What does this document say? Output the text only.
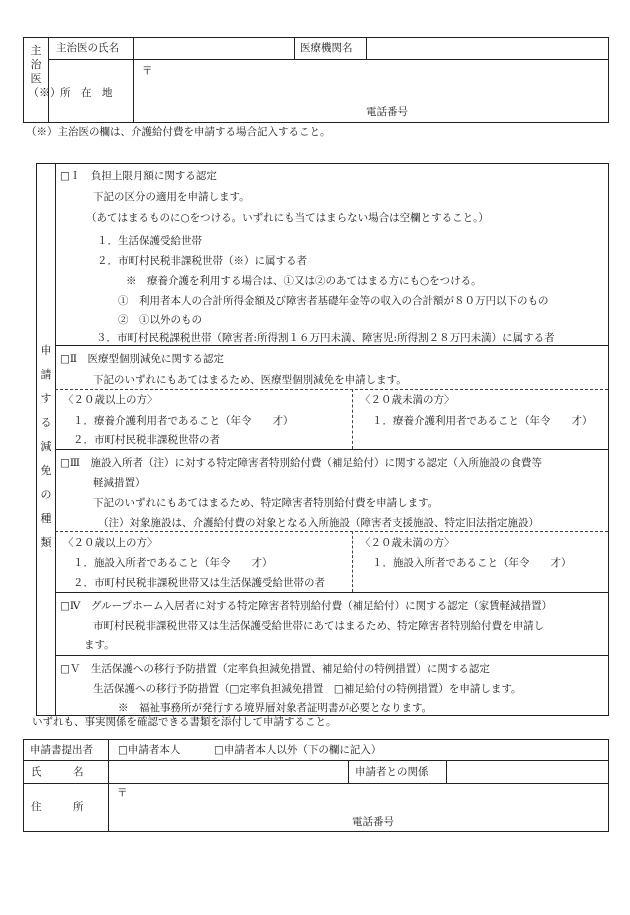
主治医（※）
主治医の氏名	医療機関名
所　在　地
〒
電話番号
（※）主治医の欄は、介護給付費を申請する場合記入すること。
申請する減免の種類
□Ｉ　負担上限月額に関する認定
下記の区分の適用を申請します。
（あてはまるものに○をつける。いずれにも当てはまらない場合は空欄とすること。）
１．生活保護受給世帯
２．市町村民税非課税世帯（※）に属する者
※　療養介護を利用する場合は、①又は②のあてはまる方にも○をつける。
①　利用者本人の合計所得金額及び障害者基礎年金等の収入の合計額が８０万円以下のもの
②　①以外のもの
３．市町村民税課税世帯（障害者:所得割１６万円未満、障害児:所得割２８万円未満）に属する者
□Ⅱ　医療型個別減免に関する認定
下記のいずれにもあてはまるため、医療型個別減免を申請します。
〈２０歳以上の方〉
１．療養介護利用者であること（年令　　才）
２．市町村民税非課税世帯の者
〈２０歳未満の方〉
１．療養介護利用者であること（年令　　才）
□Ⅲ　施設入所者（注）に対する特定障害者特別給付費（補足給付）に関する認定（入所施設の食費等
軽減措置）
下記のいずれにもあてはまるため、特定障害者特別給付費を申請します。
（注）対象施設は、介護給付費の対象となる入所施設（障害者支援施設、特定旧法指定施設）
〈２０歳以上の方〉
１．施設入所者であること（年令　　才）
２．市町村民税非課税世帯又は生活保護受給世帯の者
〈２０歳未満の方〉
１．施設入所者であること（年令　　才）
□Ⅳ　グループホーム入居者に対する特定障害者特別給付費（補足給付）に関する認定（家賃軽減措置）
市町村民税非課税世帯又は生活保護受給世帯にあてはまるため、特定障害者特別給付費を申請し
ます。
□Ｖ　生活保護への移行予防措置（定率負担減免措置、補足給付の特例措置）に関する認定
生活保護への移行予防措置（□定率負担減免措置　□補足給付の特例措置）を申請します。
※　福祉事務所が発行する境界層対象者証明書が必要となります。
いずれも、事実関係を確認できる書類を添付して申請すること。
申請書提出者 □申請者本人	□申請者本人以外（下の欄に記入）
氏　　　名	申請者との関係
住　　　所
〒
電話番号
